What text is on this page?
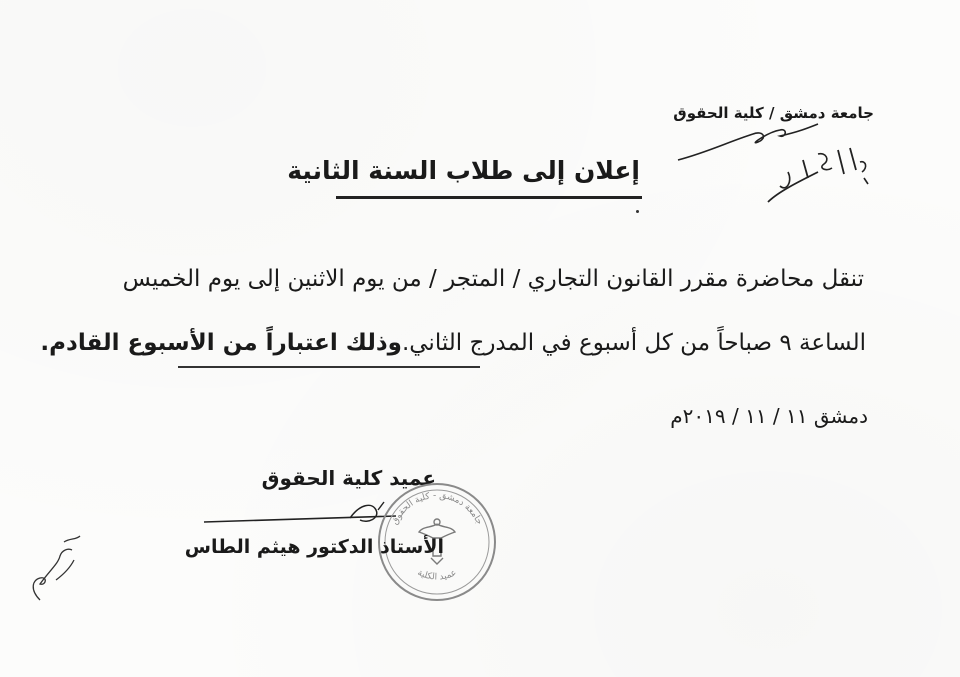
جامعة دمشق / كلية الحقوق
إعلان إلى طلاب السنة الثانية
تنقل محاضرة مقرر القانون التجاري / المتجر / من يوم الاثنين إلى يوم الخميس
الساعة ٩ صباحاً من كل أسبوع في المدرج الثاني.وذلك اعتباراً من الأسبوع القادم.
دمشق ١١ / ١١ / ٢٠١٩م
عميد كلية الحقوق
جامعة دمشق - كلية الحقوق
عميد الكلية
الأستاذ الدكتور هيثم الطاس
